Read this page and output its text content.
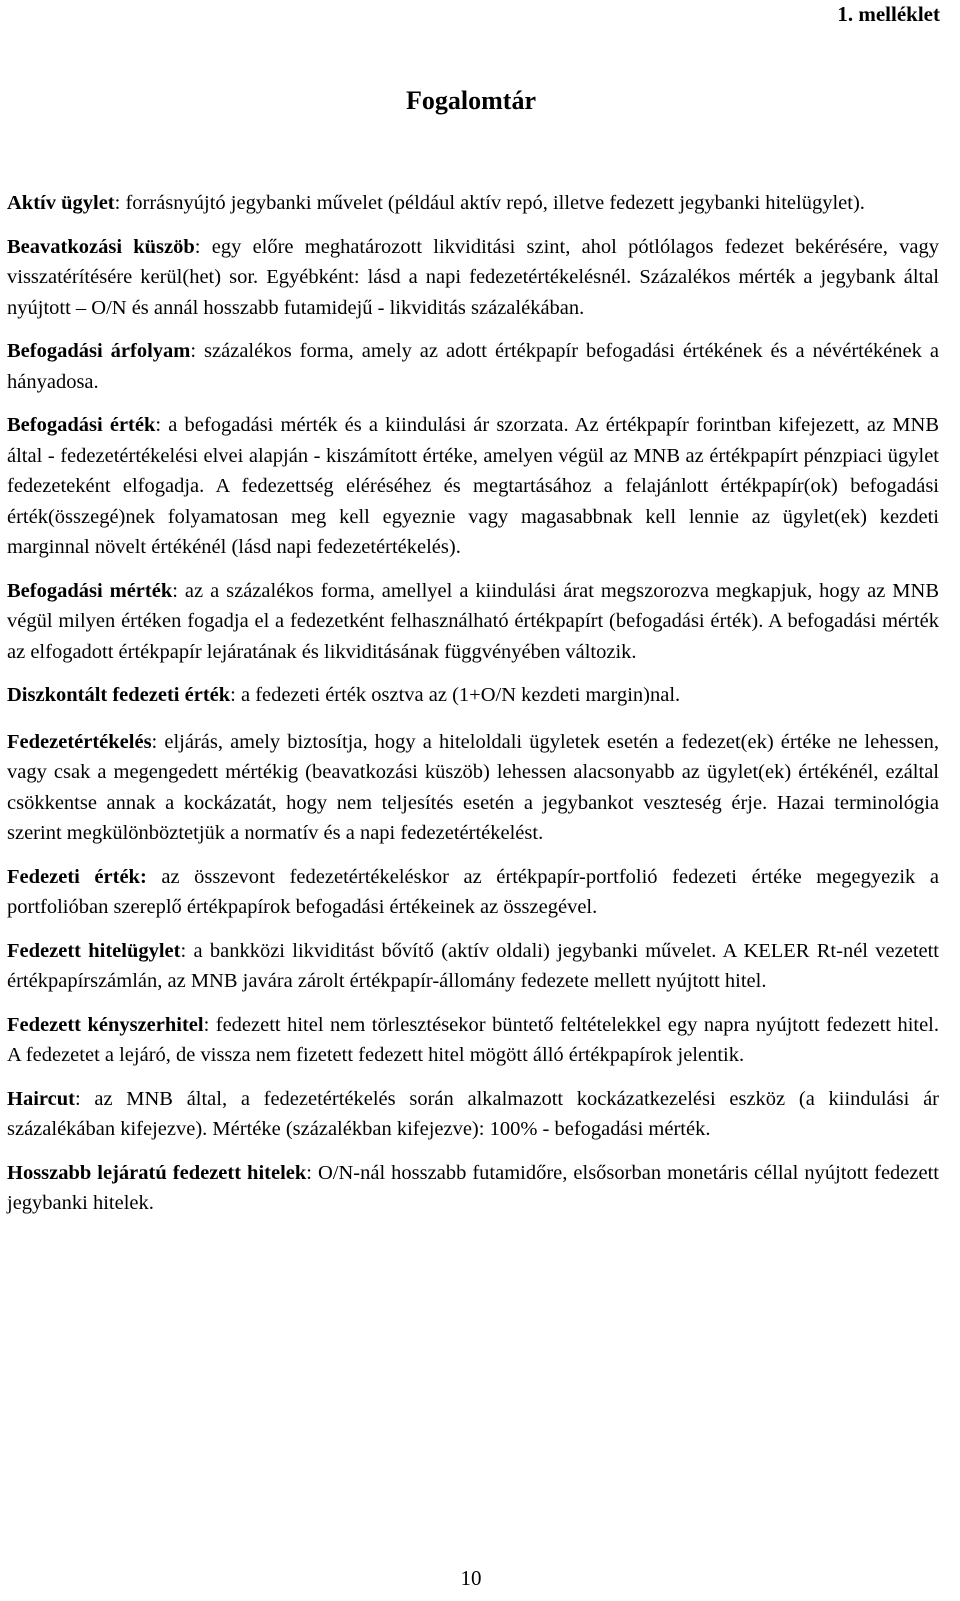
1. melléklet

Fogalomtár

Aktív ügylet: forrásnyújtó jegybanki művelet (például aktív repó, illetve fedezett jegybanki hitelügylet).

Beavatkozási küszöb: egy előre meghatározott likviditási szint, ahol pótlólagos fedezet bekérésére, vagy visszatérítésére kerül(het) sor. Egyébként: lásd a napi fedezetértékelésnél. Százalékos mérték a jegybank által nyújtott – O/N és annál hosszabb futamidejű - likviditás százalékában.

Befogadási árfolyam: százalékos forma, amely az adott értékpapír befogadási értékének és a névértékének a hányadosa.

Befogadási érték: a befogadási mérték és a kiindulási ár szorzata. Az értékpapír forintban kifejezett, az MNB által - fedezetértékelési elvei alapján - kiszámított értéke, amelyen végül az MNB az értékpapírt pénzpiaci ügylet fedezeteként elfogadja. A fedezettség eléréséhez és megtartásához a felajánlott értékpapír(ok) befogadási érték(összegé)nek folyamatosan meg kell egyeznie vagy magasabbnak kell lennie az ügylet(ek) kezdeti marginnal növelt értékénél (lásd napi fedezetértékelés).

Befogadási mérték: az a százalékos forma, amellyel a kiindulási árat megszorozva megkapjuk, hogy az MNB végül milyen értéken fogadja el a fedezetként felhasználható értékpapírt (befogadási érték). A befogadási mérték az elfogadott értékpapír lejáratának és likviditásának függvényében változik.

Diszkontált fedezeti érték: a fedezeti érték osztva az (1+O/N kezdeti margin)nal.

Fedezetértékelés: eljárás, amely biztosítja, hogy a hiteloldali ügyletek esetén a fedezet(ek) értéke ne lehessen, vagy csak a megengedett mértékig (beavatkozási küszöb) lehessen alacsonyabb az ügylet(ek) értékénél, ezáltal csökkentse annak a kockázatát, hogy nem teljesítés esetén a jegybankot veszteség érje. Hazai terminológia szerint megkülönböztetjük a normatív és a napi fedezetértékelést.

Fedezeti érték: az összevont fedezetértékeléskor az értékpapír-portfolió fedezeti értéke megegyezik a portfolióban szereplő értékpapírok befogadási értékeinek az összegével.

Fedezett hitelügylet: a bankközi likviditást bővítő (aktív oldali) jegybanki művelet. A KELER Rt-nél vezetett értékpapírszámlán, az MNB javára zárolt értékpapír-állomány fedezete mellett nyújtott hitel.

Fedezett kényszerhitel: fedezett hitel nem törlesztésekor büntető feltételekkel egy napra nyújtott fedezett hitel. A fedezetet a lejáró, de vissza nem fizetett fedezett hitel mögött álló értékpapírok jelentik.

Haircut: az MNB által, a fedezetértékelés során alkalmazott kockázatkezelési eszköz (a kiindulási ár százalékában kifejezve). Mértéke (százalékban kifejezve): 100% - befogadási mérték.

Hosszabb lejáratú fedezett hitelek: O/N-nál hosszabb futamidőre, elsősorban monetáris céllal nyújtott fedezett jegybanki hitelek.

10
